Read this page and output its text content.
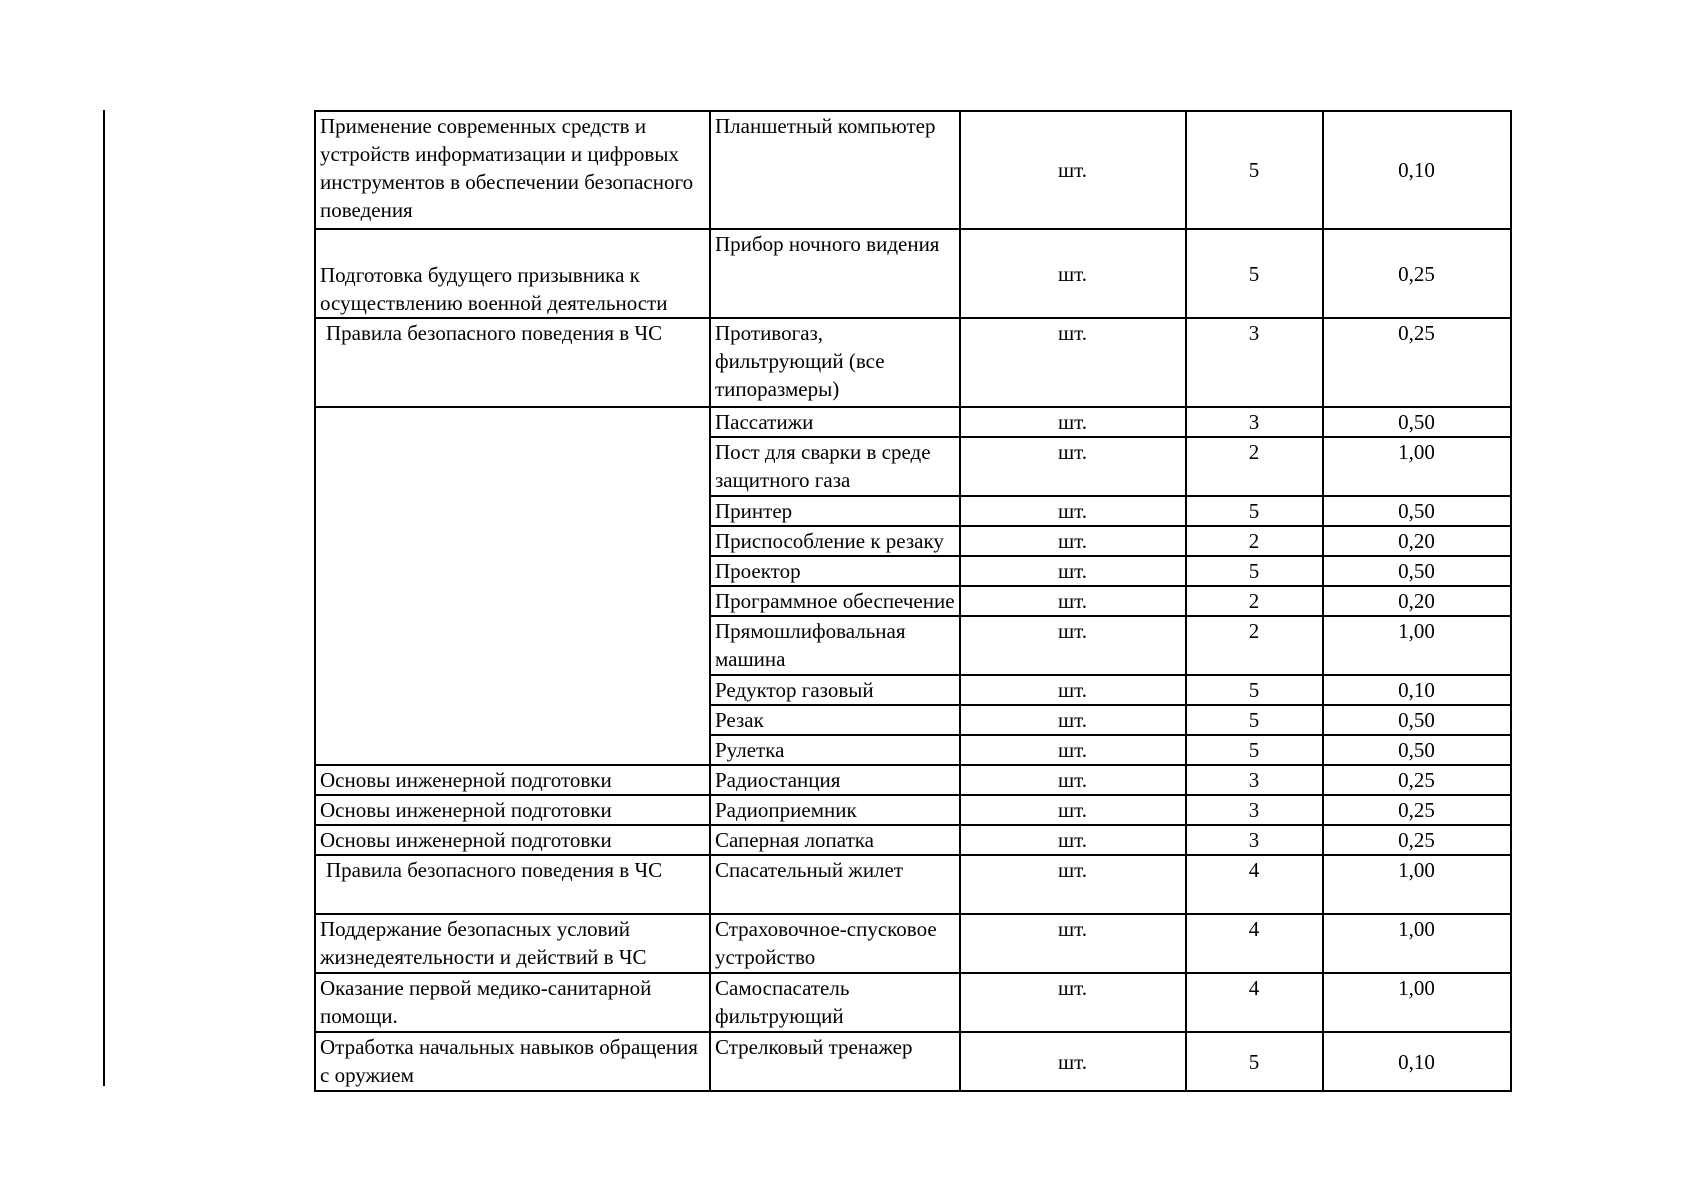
Применение современных средств и устройств информатизации и цифровых инструментов в обеспечении безопасного поведения	Планшетный компьютер	шт.	5	0,10
Подготовка будущего призывника к осуществлению военной деятельности	Прибор ночного видения	шт.	5	0,25
Правила безопасного поведения в ЧС	Противогаз, фильтрующий (все типоразмеры)	шт.	3	0,25
	Пассатижи	шт.	3	0,50
	Пост для сварки в среде защитного газа	шт.	2	1,00
	Принтер	шт.	5	0,50
	Приспособление к резаку	шт.	2	0,20
	Проектор	шт.	5	0,50
	Программное обеспечение	шт.	2	0,20
	Прямошлифовальная машина	шт.	2	1,00
	Редуктор газовый	шт.	5	0,10
	Резак	шт.	5	0,50
	Рулетка	шт.	5	0,50
Основы инженерной подготовки	Радиостанция	шт.	3	0,25
Основы инженерной подготовки	Радиоприемник	шт.	3	0,25
Основы инженерной подготовки	Саперная лопатка	шт.	3	0,25
Правила безопасного поведения в ЧС	Спасательный жилет	шт.	4	1,00
Поддержание безопасных условий жизнедеятельности и действий в ЧС	Страховочное-спусковое устройство	шт.	4	1,00
Оказание первой медико-санитарной помощи.	Самоспасатель фильтрующий	шт.	4	1,00
Отработка начальных навыков обращения с оружием	Стрелковый тренажер	шт.	5	0,10
